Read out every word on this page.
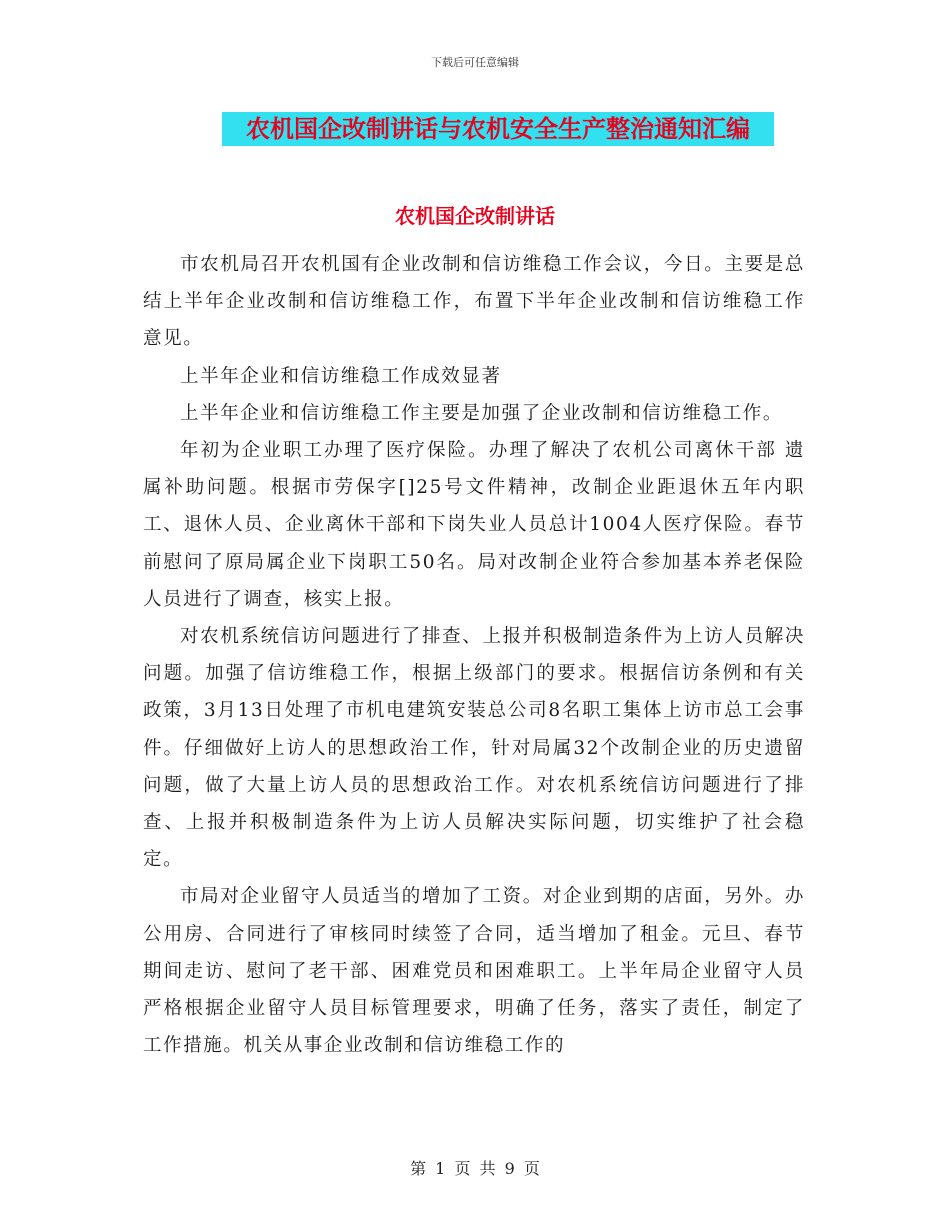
下载后可任意编辑
农机国企改制讲话与农机安全生产整治通知汇编
农机国企改制讲话

市农机局召开农机国有企业改制和信访维稳工作会议，今日。主要是总结上半年企业改制和信访维稳工作，布置下半年企业改制和信访维稳工作意见。

上半年企业和信访维稳工作成效显著

上半年企业和信访维稳工作主要是加强了企业改制和信访维稳工作。

年初为企业职工办理了医疗保险。办理了解决了农机公司离休干部 遗属补助问题。根据市劳保字[]25号文件精神，改制企业距退休五年内职工、退休人员、企业离休干部和下岗失业人员总计1004人医疗保险。春节前慰问了原局属企业下岗职工50名。局对改制企业符合参加基本养老保险人员进行了调查，核实上报。

对农机系统信访问题进行了排查、上报并积极制造条件为上访人员解决问题。加强了信访维稳工作，根据上级部门的要求。根据信访条例和有关政策，3月13日处理了市机电建筑安装总公司8名职工集体上访市总工会事件。仔细做好上访人的思想政治工作，针对局属32个改制企业的历史遗留问题，做了大量上访人员的思想政治工作。对农机系统信访问题进行了排查、上报并积极制造条件为上访人员解决实际问题，切实维护了社会稳定。

市局对企业留守人员适当的增加了工资。对企业到期的店面，另外。办公用房、合同进行了审核同时续签了合同，适当增加了租金。元旦、春节期间走访、慰问了老干部、困难党员和困难职工。上半年局企业留守人员严格根据企业留守人员目标管理要求，明确了任务，落实了责任，制定了工作措施。机关从事企业改制和信访维稳工作的

第 1 页 共 9 页
